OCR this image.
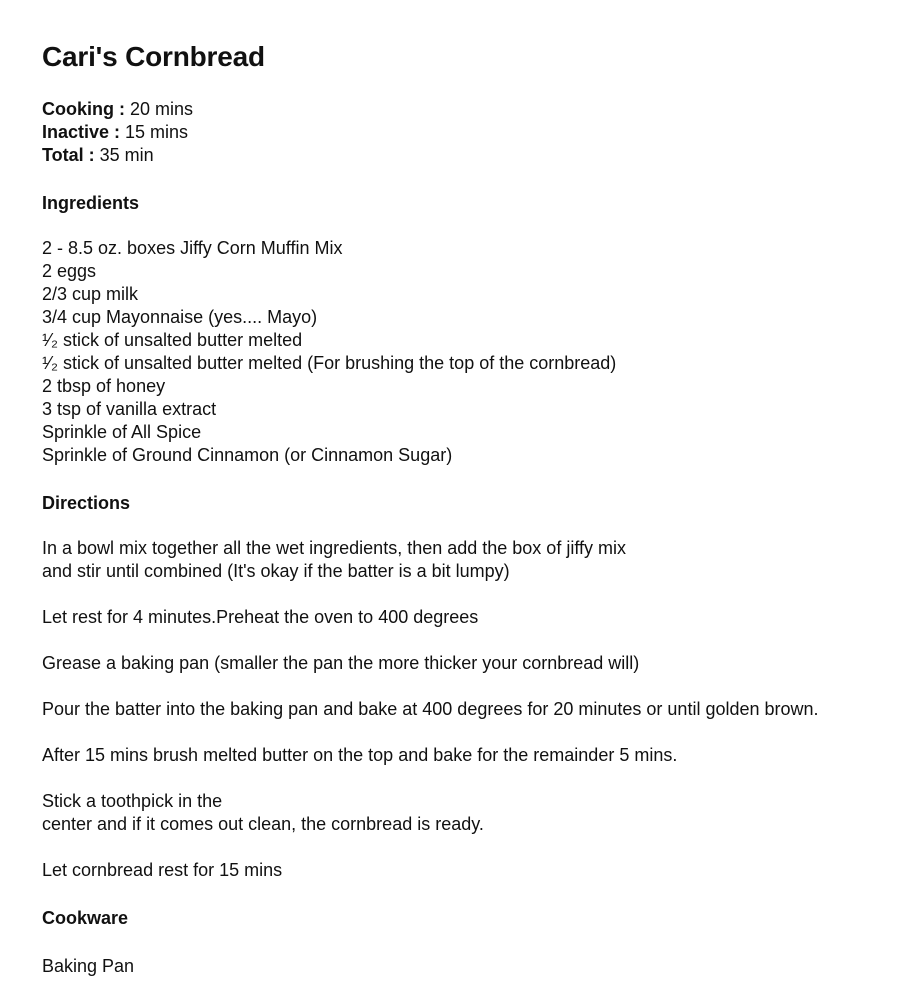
Cari's Cornbread
Cooking : 20 mins
Inactive : 15 mins
Total : 35 min
Ingredients
2 - 8.5 oz. boxes Jiffy Corn Muffin Mix
2 eggs
2/3 cup milk
3/4 cup Mayonnaise (yes.... Mayo)
¹⁄₂ stick of unsalted butter melted
¹⁄₂ stick of unsalted butter melted (For brushing the top of the cornbread)
2 tbsp of honey
3 tsp of vanilla extract
Sprinkle of All Spice
Sprinkle of Ground Cinnamon (or Cinnamon Sugar)
Directions
In a bowl mix together all the wet ingredients, then add the box of jiffy mix
and stir until combined (It's okay if the batter is a bit lumpy)
Let rest for 4 minutes.Preheat the oven to 400 degrees
Grease a baking pan (smaller the pan the more thicker your cornbread will)
Pour the batter into the baking pan and bake at 400 degrees for 20 minutes or until golden brown.
After 15 mins brush melted butter on the top and bake for the remainder 5 mins.
Stick a toothpick in the
center and if it comes out clean, the cornbread is ready.
Let cornbread rest for 15 mins
Cookware
Baking Pan
